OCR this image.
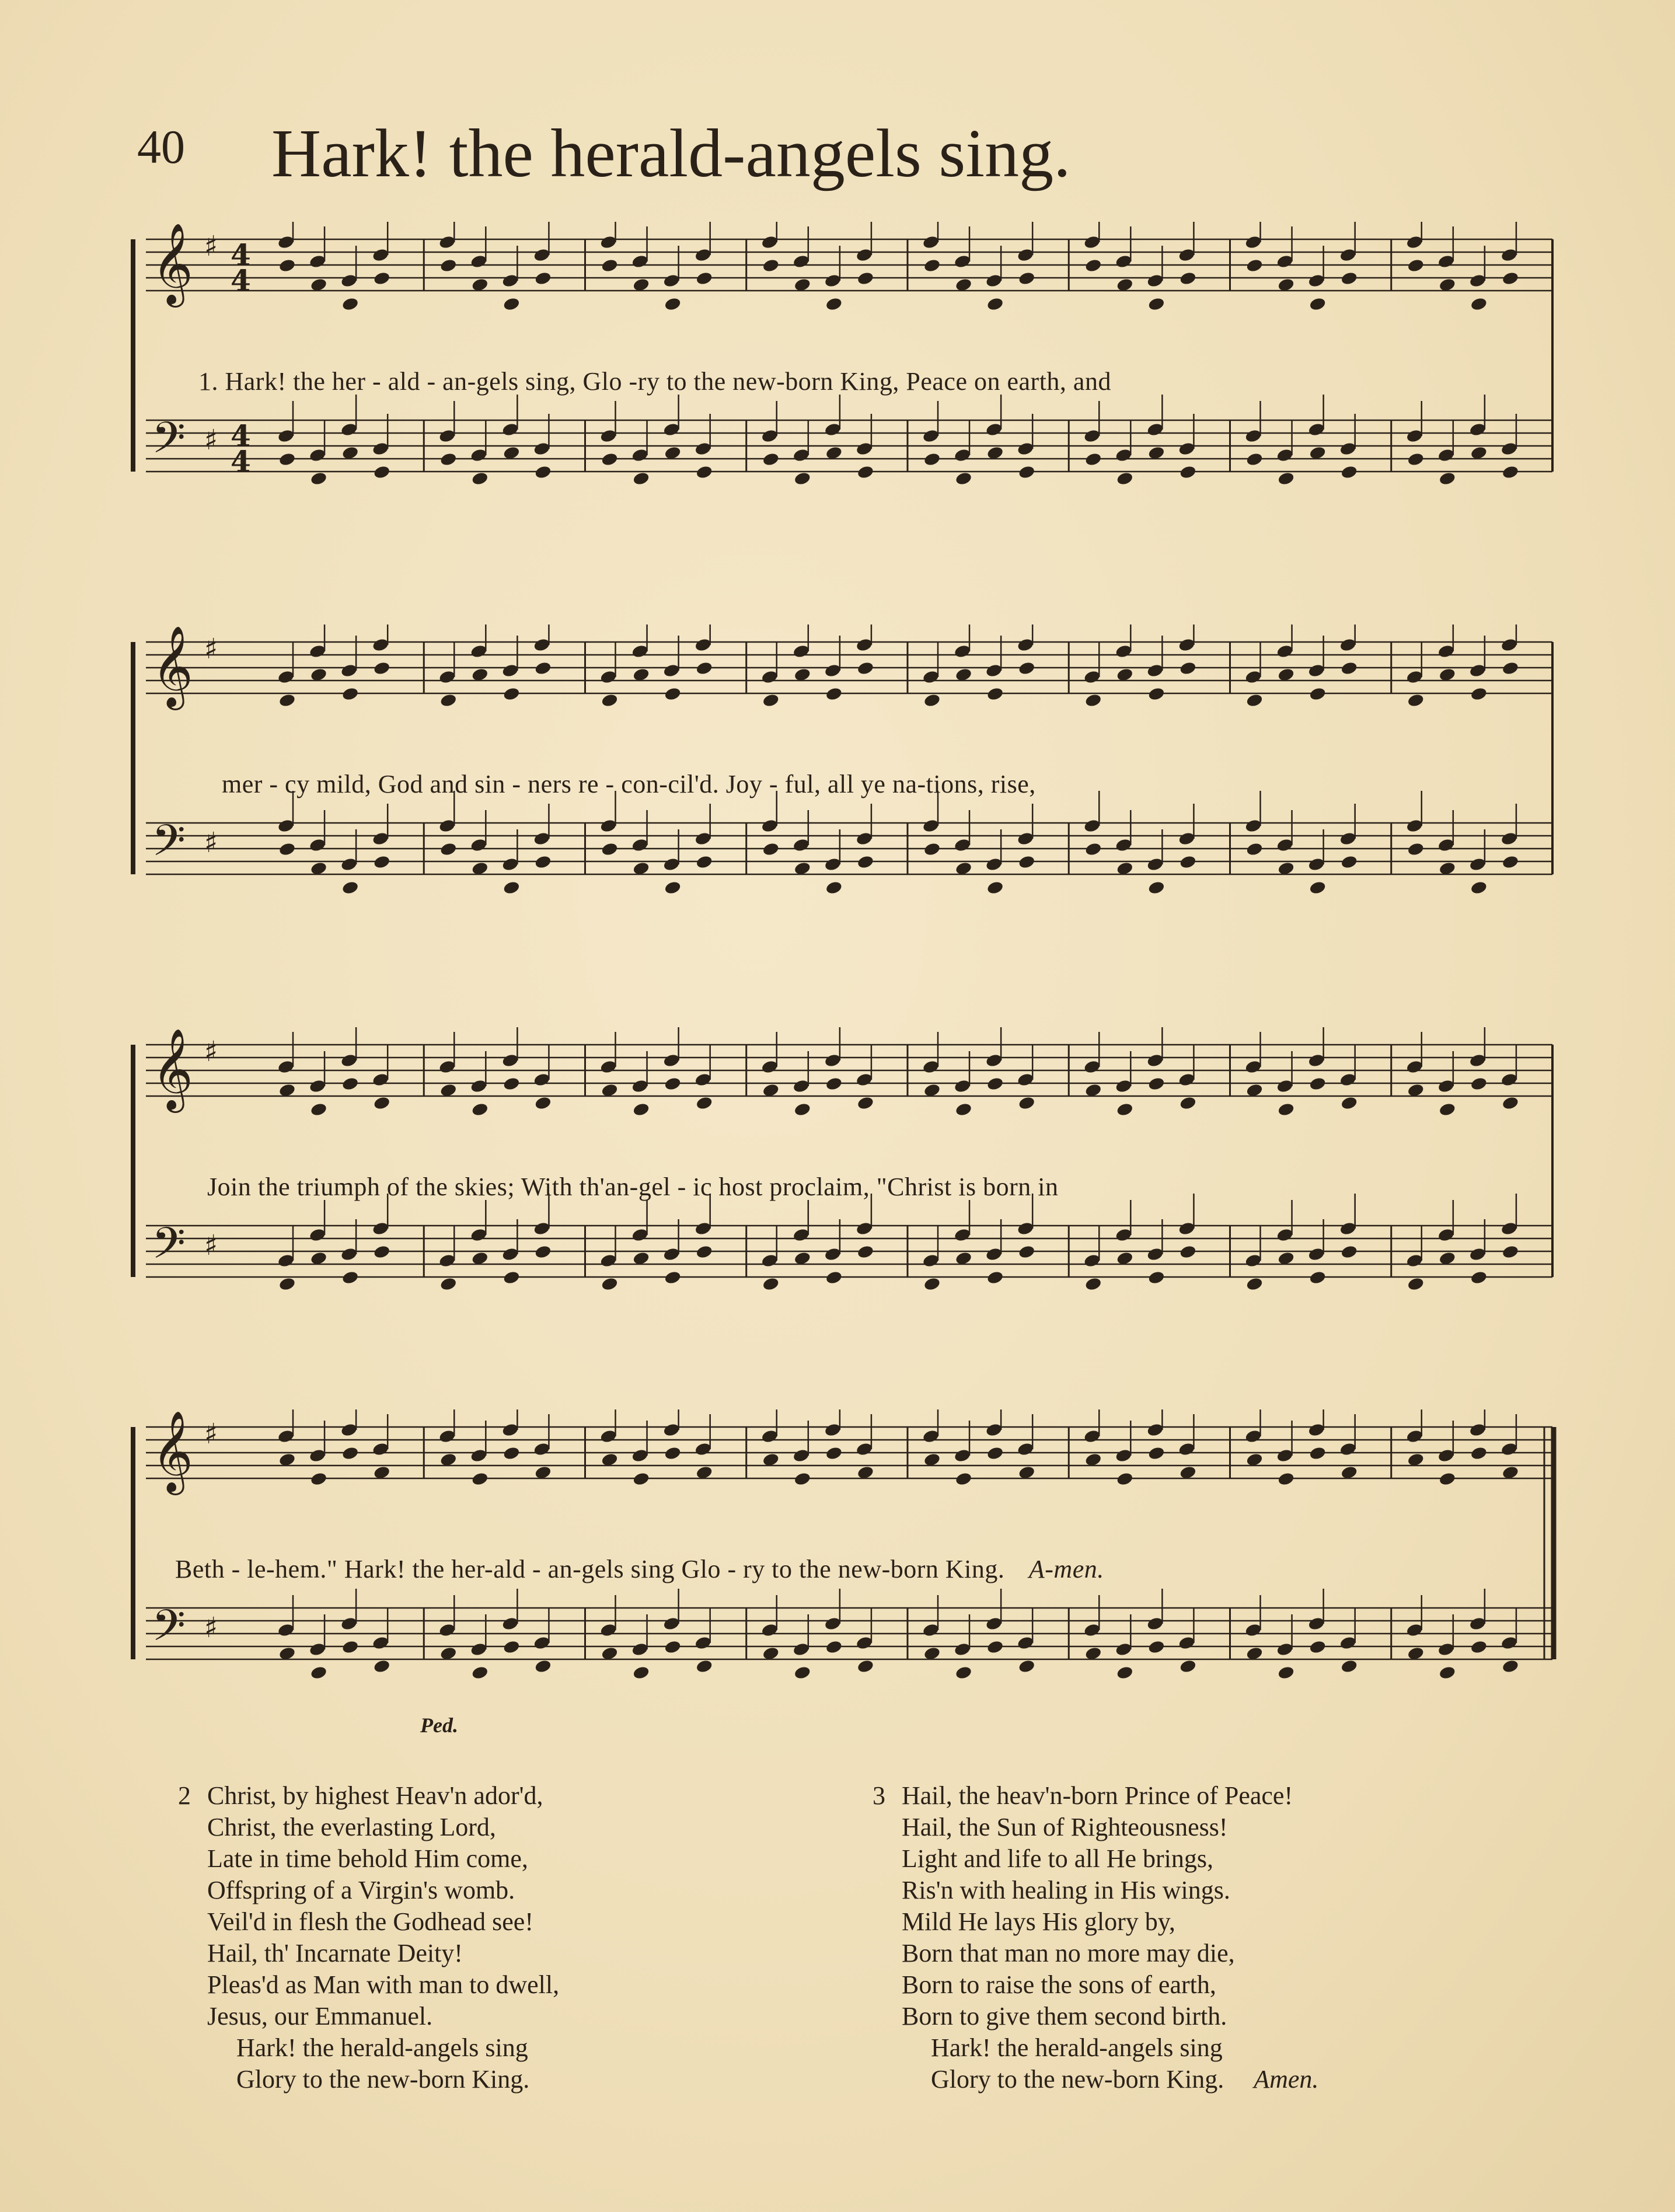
40 Hark! the herald-angels sing.
𝄞 ♯ 4
4
𝄢 ♯ 4
4
1. Hark! the her - ald - an-gels sing, Glo -ry to the new-born King, Peace on earth, and
𝄞 ♯
𝄢 ♯
mer - cy mild, God and sin - ners re - con-cil'd. Joy - ful, all ye na-tions, rise,
𝄞 ♯
𝄢 ♯
Join the triumph of the skies; With th'an-gel - ic host proclaim, "Christ is born in
𝄞 ♯
𝄢 ♯
Beth - le-hem." Hark! the her-ald - an-gels sing Glo - ry to the new-born King. A-men.
Ped.
2 Christ, by highest Heav'n ador'd,
Christ, the everlasting Lord,
Late in time behold Him come,
Offspring of a Virgin's womb.
Veil'd in flesh the Godhead see!
Hail, th' Incarnate Deity!
Pleas'd as Man with man to dwell,
Jesus, our Emmanuel.
Hark! the herald-angels sing
Glory to the new-born King.
3 Hail, the heav'n-born Prince of Peace!
Hail, the Sun of Righteousness!
Light and life to all He brings,
Ris'n with healing in His wings.
Mild He lays His glory by,
Born that man no more may die,
Born to raise the sons of earth,
Born to give them second birth.
Hark! the herald-angels sing
Glory to the new-born King. Amen.
